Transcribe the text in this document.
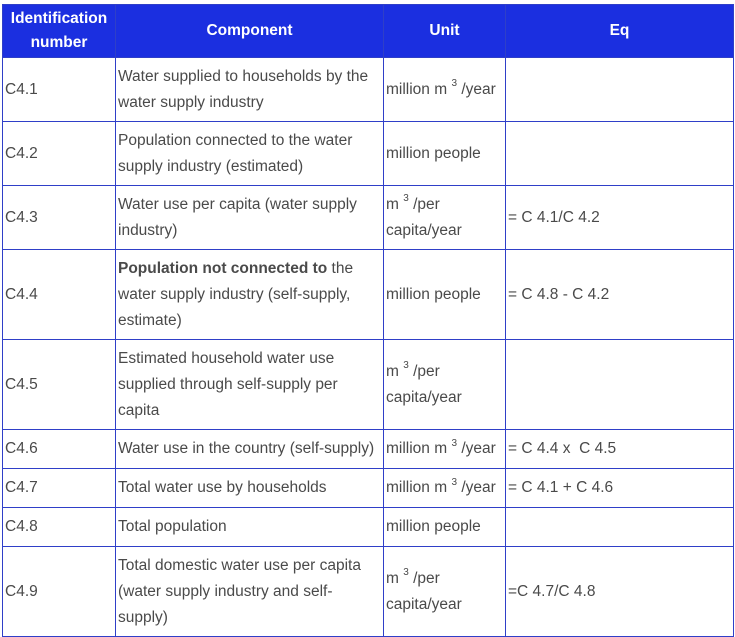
Identification number	Component	Unit	Eq
C4.1	Water supplied to households by the water supply industry	million m $^3$ /year	
C4.2	Population connected to the water supply industry (estimated)	million people	
C4.3	Water use per capita (water supply industry)	m $^3$ /per capita/year	= C 4.1/C 4.2
C4.4	Population not connected to the water supply industry (self-supply, estimate)	million people	= C 4.8 - C 4.2
C4.5	Estimated household water use supplied through self-supply per capita	m $^3$ /per capita/year	
C4.6	Water use in the country (self-supply)	million m $^3$ /year	= C 4.4 x  C 4.5
C4.7	Total water use by households	million m $^3$ /year	= C 4.1 + C 4.6
C4.8	Total population	million people	
C4.9	Total domestic water use per capita (water supply industry and self-supply)	m $^3$ /per capita/year	=C 4.7/C 4.8
